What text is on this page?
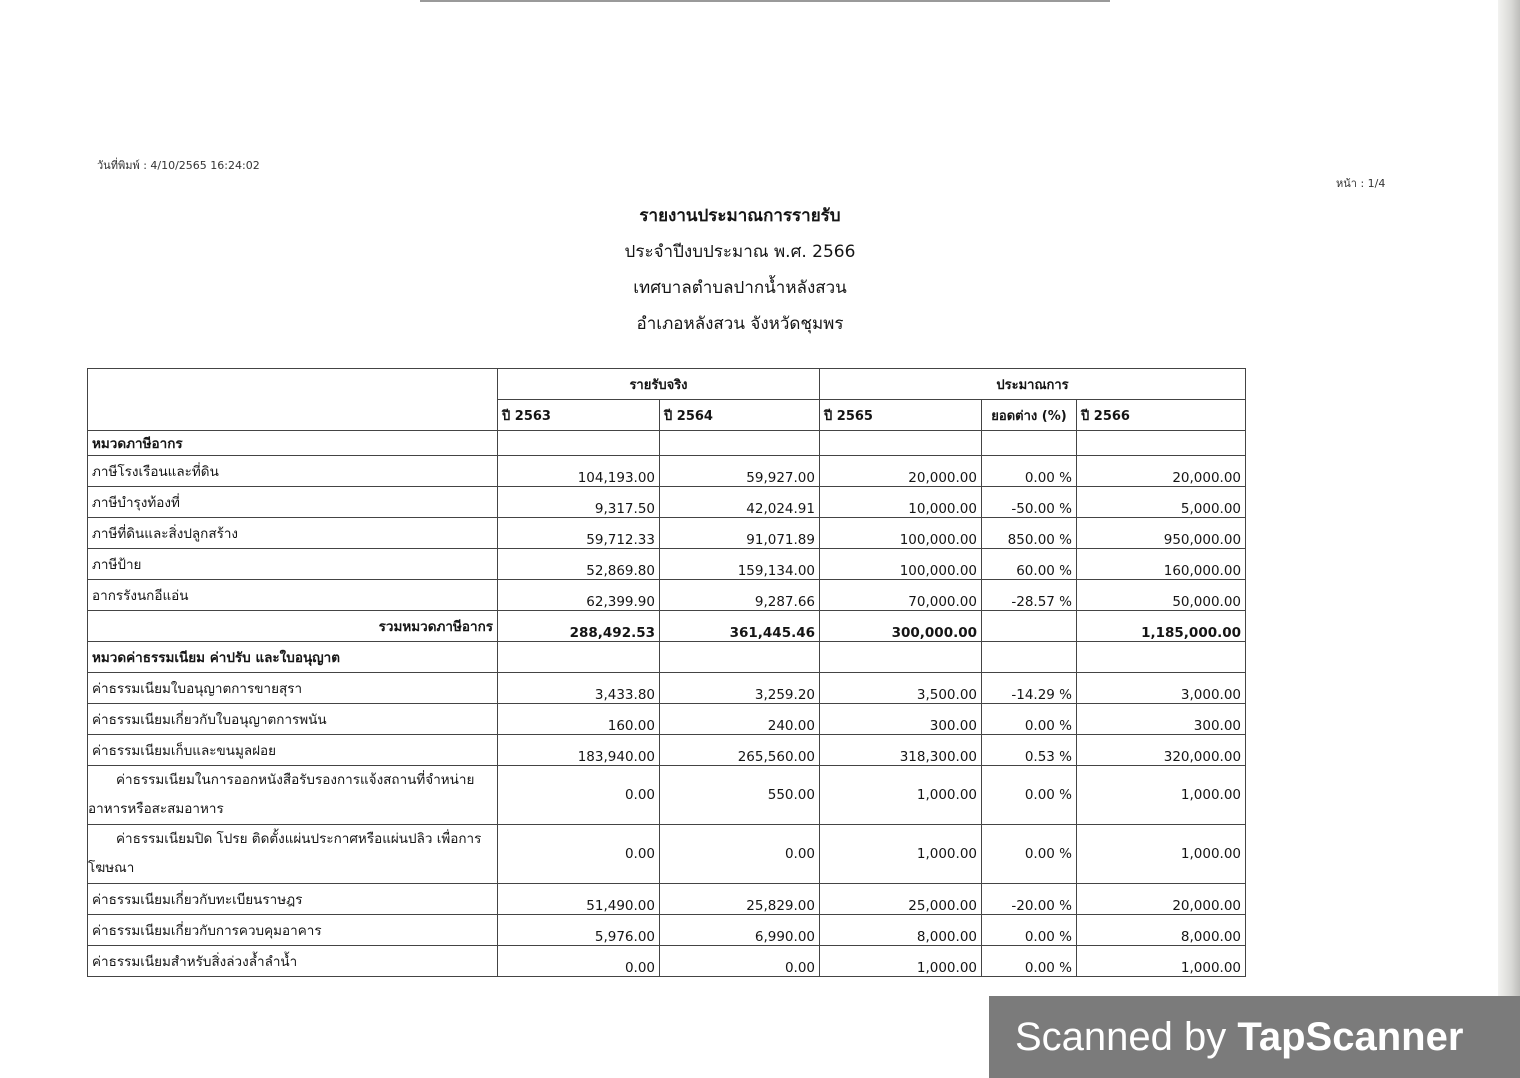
วันที่พิมพ์ : 4/10/2565 16:24:02
หน้า : 1/4
รายงานประมาณการรายรับ
ประจำปีงบประมาณ พ.ศ. 2566
เทศบาลตำบลปากน้ำหลังสวน
อำเภอหลังสวน จังหวัดชุมพร
	รายรับจริง		ประมาณการ		
	ปี 2563	ปี 2564	ปี 2565	ยอดต่าง (%)	ปี 2566
หมวดภาษีอากร					
ภาษีโรงเรือนและที่ดิน	104,193.00	59,927.00	20,000.00	0.00 %	20,000.00
ภาษีบำรุงท้องที่	9,317.50	42,024.91	10,000.00	-50.00 %	5,000.00
ภาษีที่ดินและสิ่งปลูกสร้าง	59,712.33	91,071.89	100,000.00	850.00 %	950,000.00
ภาษีป้าย	52,869.80	159,134.00	100,000.00	60.00 %	160,000.00
อากรรังนกอีแอ่น	62,399.90	9,287.66	70,000.00	-28.57 %	50,000.00
รวมหมวดภาษีอากร	288,492.53	361,445.46	300,000.00		1,185,000.00
หมวดค่าธรรมเนียม ค่าปรับ และใบอนุญาต					
ค่าธรรมเนียมใบอนุญาตการขายสุรา	3,433.80	3,259.20	3,500.00	-14.29 %	3,000.00
ค่าธรรมเนียมเกี่ยวกับใบอนุญาตการพนัน	160.00	240.00	300.00	0.00 %	300.00
ค่าธรรมเนียมเก็บและขนมูลฝอย	183,940.00	265,560.00	318,300.00	0.53 %	320,000.00
ค่าธรรมเนียมในการออกหนังสือรับรองการแจ้งสถานที่จำหน่ายอาหารหรือสะสมอาหาร	0.00	550.00	1,000.00	0.00 %	1,000.00
ค่าธรรมเนียมปิด โปรย ติดตั้งแผ่นประกาศหรือแผ่นปลิว เพื่อการโฆษณา	0.00	0.00	1,000.00	0.00 %	1,000.00
ค่าธรรมเนียมเกี่ยวกับทะเบียนราษฎร	51,490.00	25,829.00	25,000.00	-20.00 %	20,000.00
ค่าธรรมเนียมเกี่ยวกับการควบคุมอาคาร	5,976.00	6,990.00	8,000.00	0.00 %	8,000.00
ค่าธรรมเนียมสำหรับสิ่งล่วงล้ำลำน้ำ	0.00	0.00	1,000.00	0.00 %	1,000.00
Scanned by TapScanner
